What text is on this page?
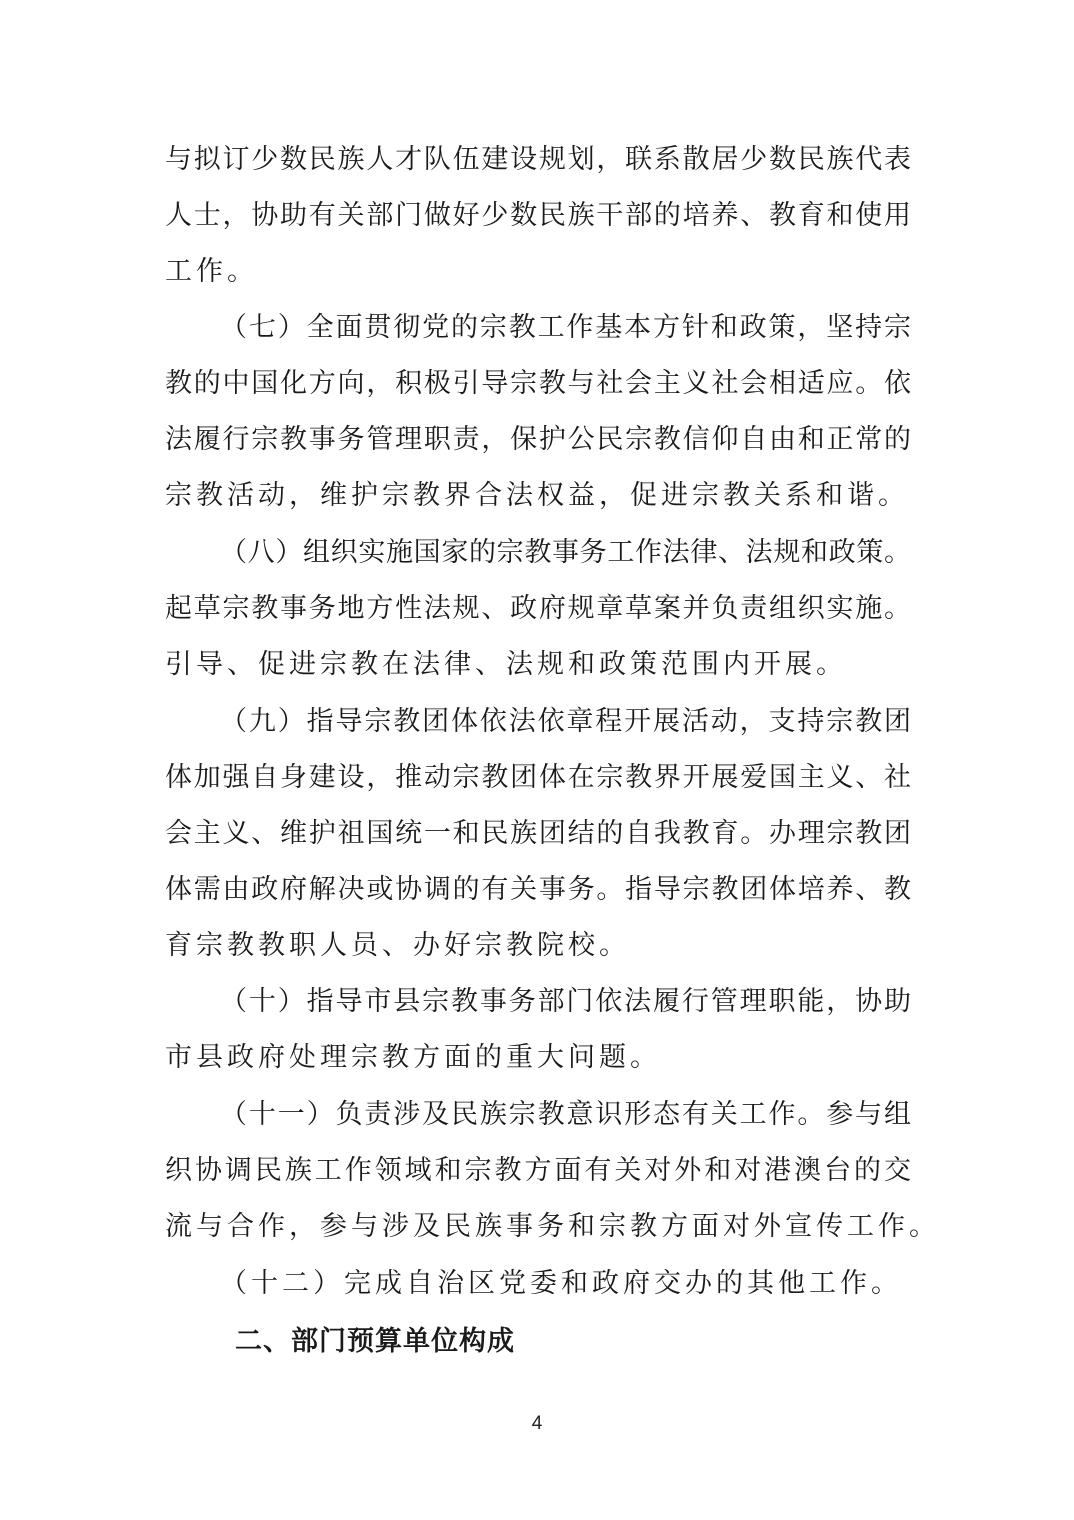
与拟订少数民族人才队伍建设规划，联系散居少数民族代表
人士，协助有关部门做好少数民族干部的培养、教育和使用
工作。
（七）全面贯彻党的宗教工作基本方针和政策，坚持宗
教的中国化方向，积极引导宗教与社会主义社会相适应。依
法履行宗教事务管理职责，保护公民宗教信仰自由和正常的
宗教活动，维护宗教界合法权益，促进宗教关系和谐。
（八）组织实施国家的宗教事务工作法律、法规和政策。
起草宗教事务地方性法规、政府规章草案并负责组织实施。
引导、促进宗教在法律、法规和政策范围内开展。
（九）指导宗教团体依法依章程开展活动，支持宗教团
体加强自身建设，推动宗教团体在宗教界开展爱国主义、社
会主义、维护祖国统一和民族团结的自我教育。办理宗教团
体需由政府解决或协调的有关事务。指导宗教团体培养、教
育宗教教职人员、办好宗教院校。
（十）指导市县宗教事务部门依法履行管理职能，协助
市县政府处理宗教方面的重大问题。
（十一）负责涉及民族宗教意识形态有关工作。参与组
织协调民族工作领域和宗教方面有关对外和对港澳台的交
流与合作，参与涉及民族事务和宗教方面对外宣传工作。
（十二）完成自治区党委和政府交办的其他工作。
二、部门预算单位构成
4
